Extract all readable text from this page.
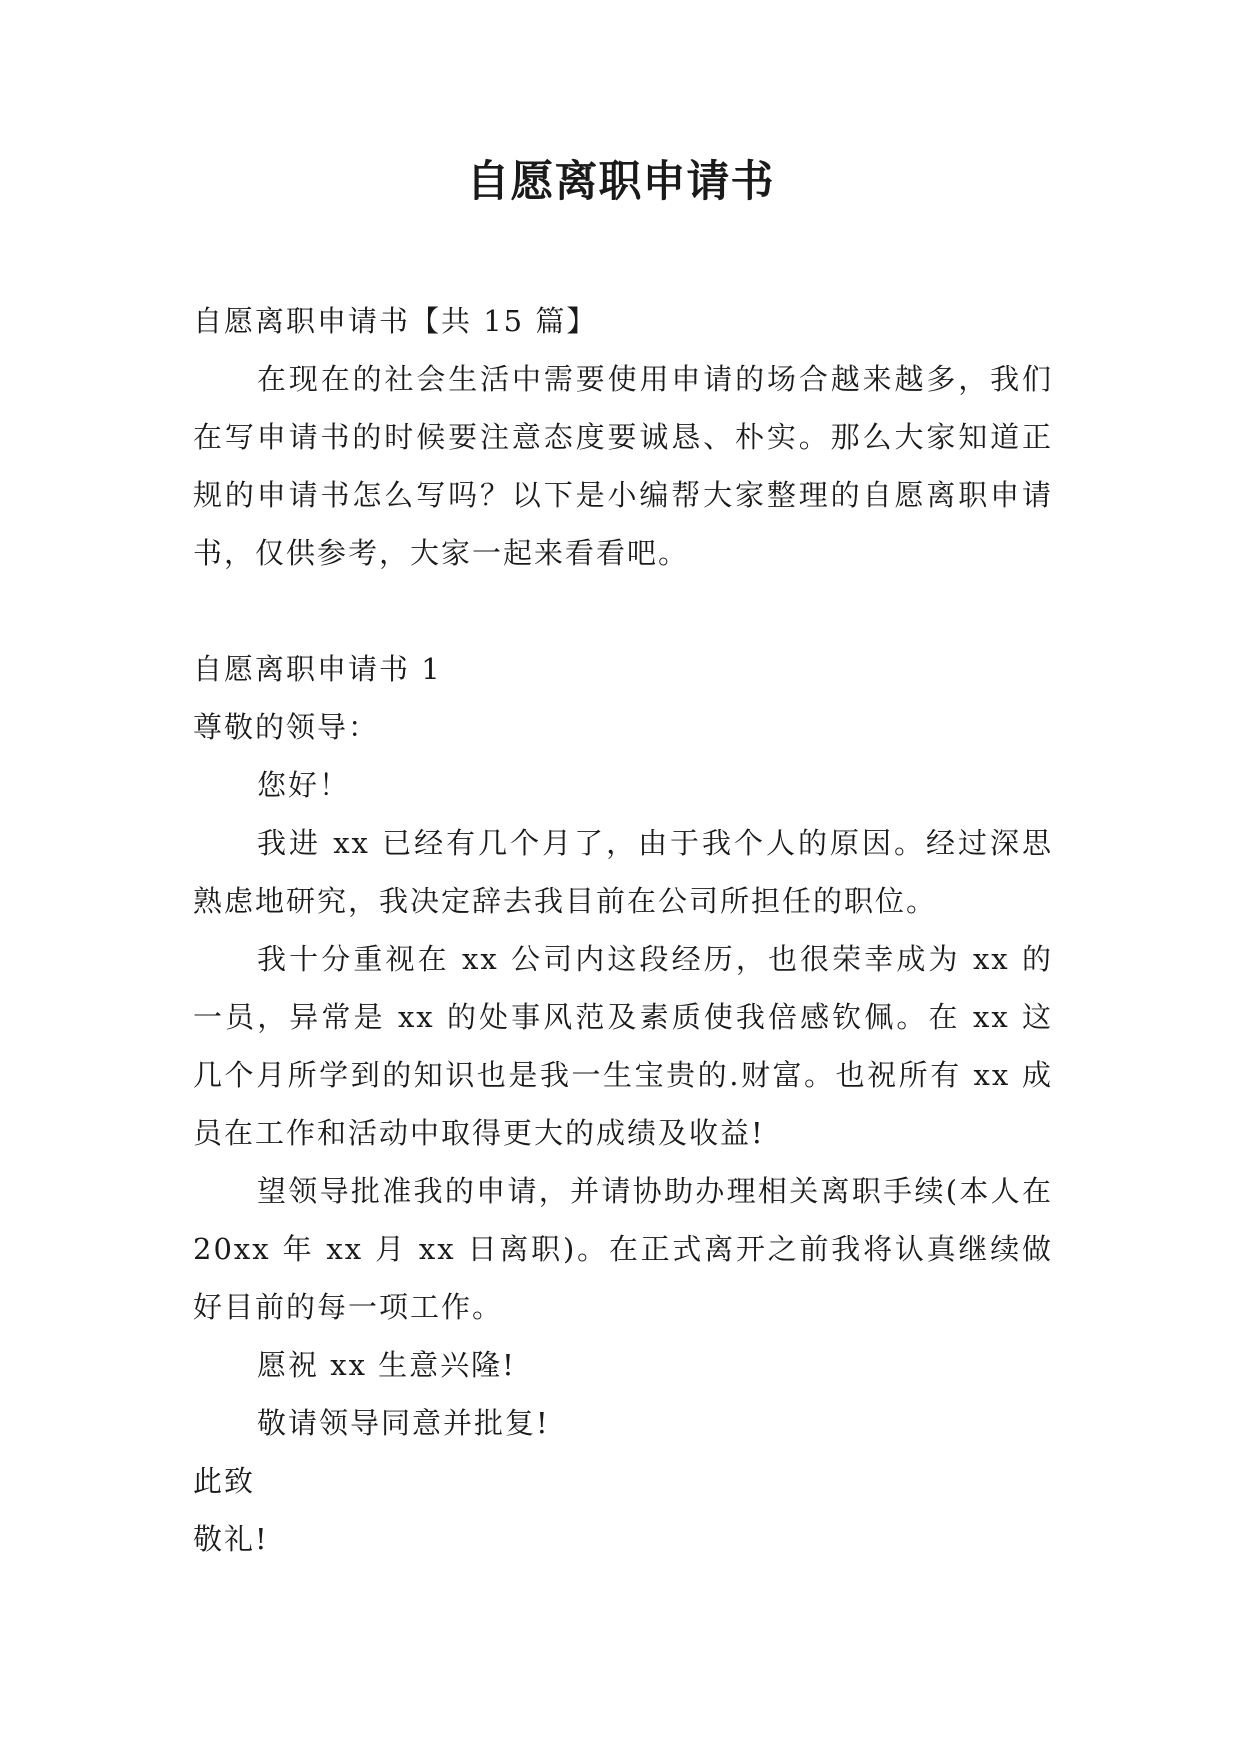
自愿离职申请书

自愿离职申请书【共 15 篇】

在现在的社会生活中需要使用申请的场合越来越多，我们在写申请书的时候要注意态度要诚恳、朴实。那么大家知道正规的申请书怎么写吗？以下是小编帮大家整理的自愿离职申请书，仅供参考，大家一起来看看吧。

自愿离职申请书 1

尊敬的领导：

您好！

我进 xx 已经有几个月了，由于我个人的原因。经过深思熟虑地研究，我决定辞去我目前在公司所担任的职位。

我十分重视在 xx 公司内这段经历，也很荣幸成为 xx 的一员，异常是 xx 的处事风范及素质使我倍感钦佩。在 xx 这几个月所学到的知识也是我一生宝贵的.财富。也祝所有 xx 成员在工作和活动中取得更大的成绩及收益!

望领导批准我的申请，并请协助办理相关离职手续(本人在 20xx 年 xx 月 xx 日离职)。在正式离开之前我将认真继续做好目前的每一项工作。

愿祝 xx 生意兴隆!

敬请领导同意并批复!

此致

敬礼!
